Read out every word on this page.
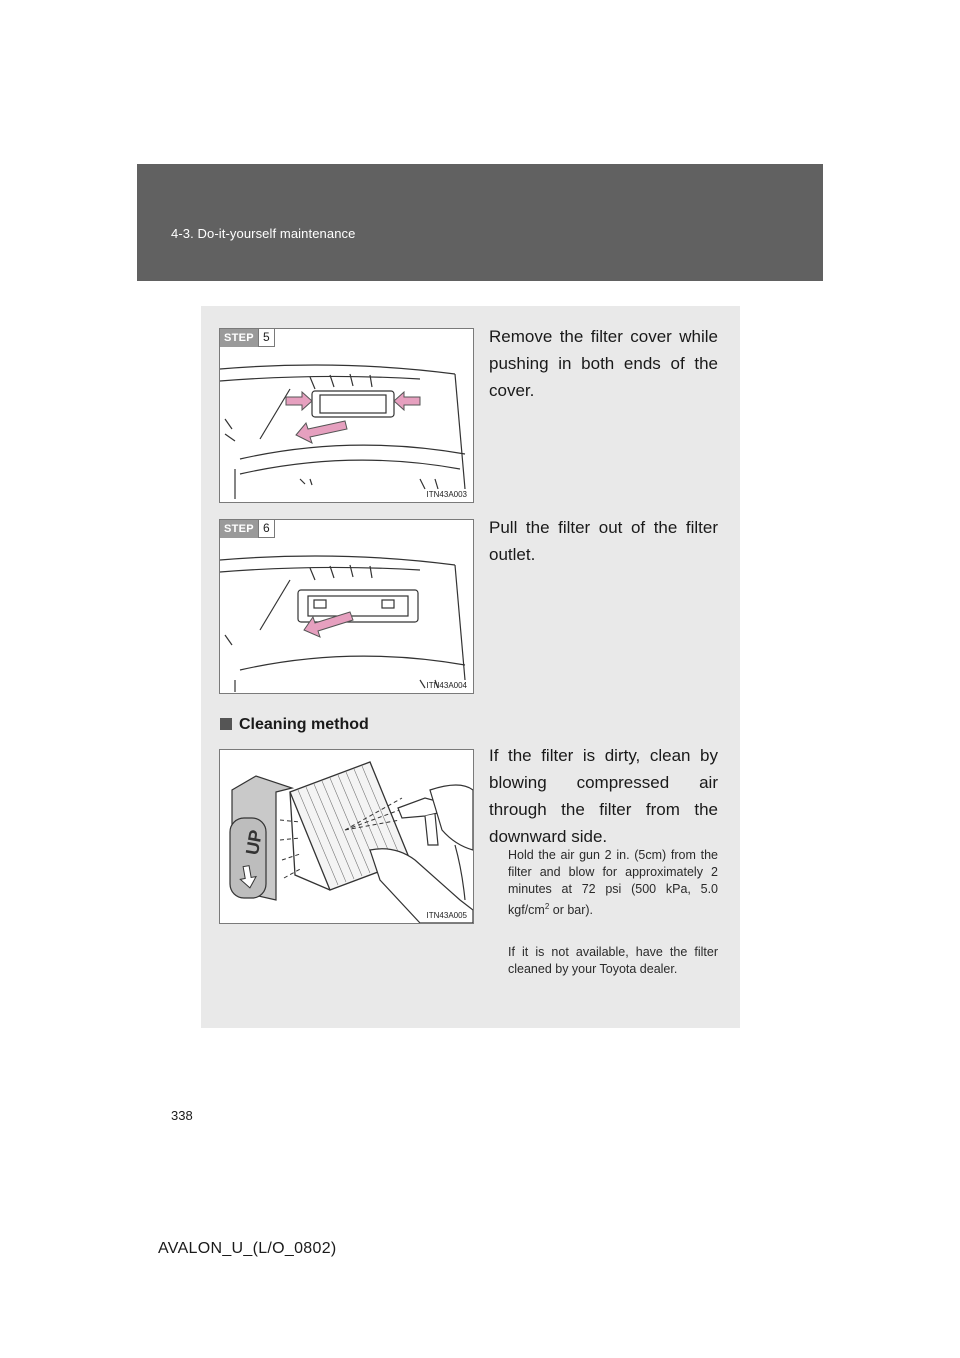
4-3. Do-it-yourself maintenance
STEP 5
ITN43A003
Remove the filter cover while pushing in both ends of the cover.
STEP 6
ITN43A004
Pull the filter out of the filter outlet.
Cleaning method
UP
ITN43A005
If the filter is dirty, clean by blowing compressed air through the filter from the downward side.
Hold the air gun 2 in. (5cm) from the filter and blow for approximately 2 minutes at 72 psi (500 kPa, 5.0 kgf/$cm^2$ or bar).
If it is not available, have the filter cleaned by your Toyota dealer.
338
AVALON_U_(L/O_0802)
